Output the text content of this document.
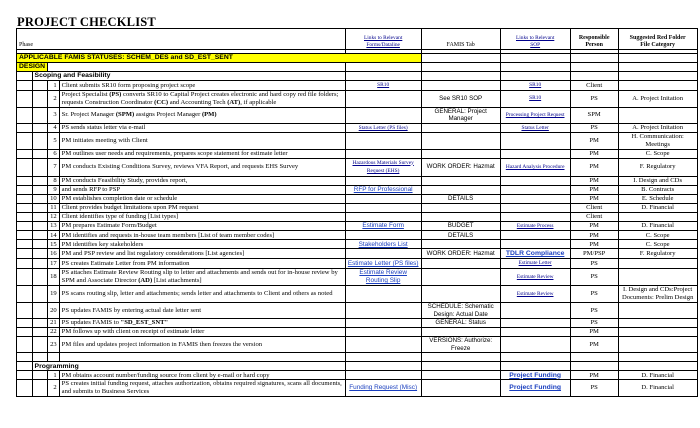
PROJECT CHECKLIST
Phase				Links to Relevant
Forms/Dataline	FAMIS Tab	Links to Relevant
SOP	Responsible
Person	Suggested Red Folder
File Category

APPLICABLE FAMIS STATUSES: SCHEM_DES and SD_EST_SENT								
DESIGN								
	Scoping and Feasibility							
		1	Client submits SR10 form proposing project scope	SR10		SR10	Client	
		2	Project Specialist (PS) converts SR10 to Capital Project creates electronic and hard copy red file folders; requests Construction Coordinator (CC) and Accounting Tech (AT), if applicable		See SR10 SOP	SR10	PS	A. Project Initation
		3	Sr. Project Manager (SPM) assigns Project Manager (PM)		GENERAL: Project Manager	Processing Project Request	SPM	
		4	PS sends status letter via e-mail	Status Letter (PS files)		Status Letter	PS	A. Project Initation
		5	PM initiates meeting with Client				PM	H. Communication: Meetings
		6	PM outlines user needs and requirements, prepares scope statement for estimate letter				PM	C. Scope
		7	PM conducts Existing Conditions Survey, reviews VFA Report, and requests EHS Survey	Hazardous Materials Survey Request (EHS)	WORK ORDER: Hazmat	Hazard Analysis Procedure	PM	F. Regulatory
		8	PM conducts Feasibility Study, provides report,				PM	I. Design and CDs
		9	and sends RFP to PSP	RFP for Professional			PM	B. Contracts
		10	PM establishes completion date or schedule		DETAILS		PM	E. Schedule
		11	Client provides budget limitations upon PM request				Client	D. Financial
		12	Client identifies type of funding [List types]				Client	
		13	PM prepares Estimate Form/Budget	Estimate Form	BUDGET	Estimate Process	PM	D. Financial
		14	PM identifies and requests in-house team members [List of team member codes]		DETAILS		PM	C. Scope
		15	PM identifies key stakeholders	Stakeholders List			PM	C. Scope
		16	PM and PSP review and list regulatory considerations [List agencies]		WORK ORDER: Hazmat	TDLR Compliance	PM/PSP	F. Regulatory
		17	PS creates Estimate Letter from PM information	Estimate Letter (PS files)		Estimate Letter	PS	
		18	PS attaches Estimate Review Routing slip to letter and attachments and sends out for in-house review by SPM and Associate Director (AD) [List attachments]	Estimate Review Routing Slip		Estimate Review	PS	
		19	PS scans routing slip, letter and attachments; sends letter and attachments to Client and others as noted			Estimate Review	PS	I. Design and CDs:Project Documents: Prelim Design
		20	PS updates FAMIS by entering actual date letter sent		SCHEDULE: Schematic Design: Actual Date		PS	
		21	PS updates FAMIS to "SD_EST_SNT"		GENERAL: Status		PS	
		22	PM follows up with client on receipt of estimate letter				PM	
		23	PM files and updates project information in FAMIS then freezes the version		VERSIONS: Authorize: Freeze		PM	

	Programming							
		1	PM obtains account number/funding source from client by e-mail or hard copy			Project Funding	PM	D. Financial
		2	PS creates initial funding request, attaches authorization, obtains required signatures, scans all documents, and submits to Business Services	Funding Request (Misc)		Project Funding	PS	D. Financial
